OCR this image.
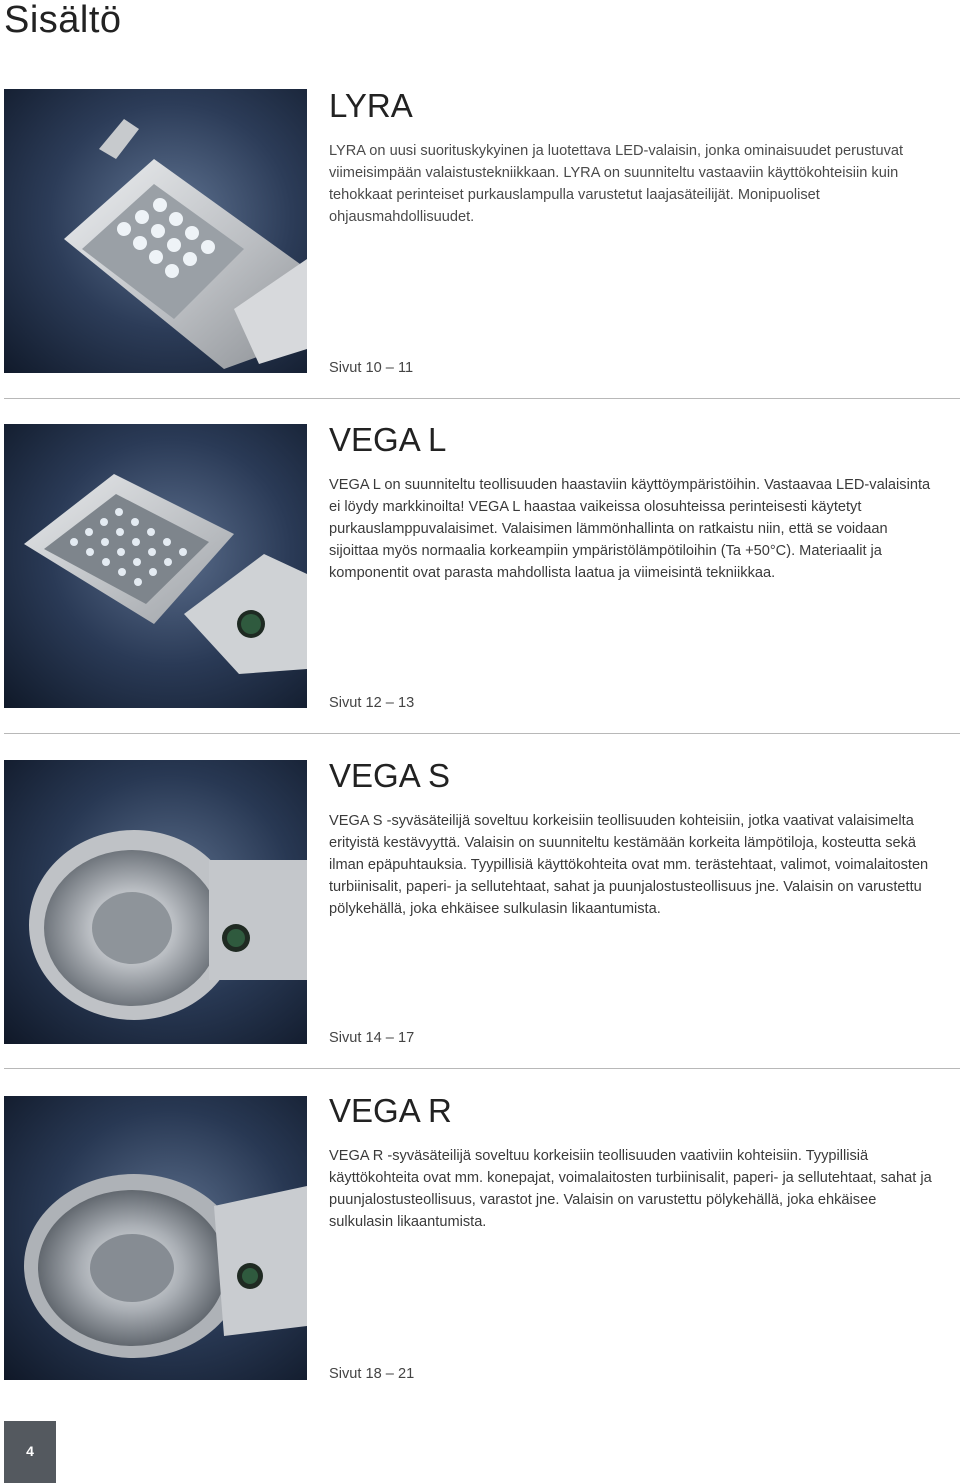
Sisältö
LYRA

LYRA on uusi suorituskykyinen ja luotettava LED-valaisin, jonka ominaisuudet perustuvat viimeisimpään valaistustekniikkaan. LYRA on suunniteltu vastaaviin käyttökohteisiin kuin tehokkaat perinteiset purkauslampulla varustetut laajasäteilijät. Monipuoliset ohjausmahdollisuudet.

Sivut 10 – 11

VEGA L

VEGA L on suunniteltu teollisuuden haastaviin käyttöympäristöihin. Vastaavaa LED-valaisinta ei löydy markkinoilta! VEGA L haastaa vaikeissa olosuhteissa perinteisesti käytetyt purkauslamppuvalaisimet. Valaisimen lämmönhallinta on ratkaistu niin, että se voidaan sijoittaa myös normaalia korkeampiin ympäristölämpötiloihin (Ta +50°C). Materiaalit ja komponentit ovat parasta mahdollista laatua ja viimeisintä tekniikkaa.

Sivut 12 – 13

VEGA S

VEGA S -syväsäteilijä soveltuu korkeisiin teollisuuden kohteisiin, jotka vaativat valaisimelta erityistä kestävyyttä. Valaisin on suunniteltu kestämään korkeita lämpötiloja, kosteutta sekä ilman epäpuhtauksia. Tyypillisiä käyttökohteita ovat mm. terästehtaat, valimot, voimalaitosten turbiinisalit, paperi- ja sellutehtaat, sahat ja puunjalostusteollisuus jne. Valaisin on varustettu pölykehällä, joka ehkäisee sulkulasin likaantumista.

Sivut 14 – 17

VEGA R

VEGA R -syväsäteilijä soveltuu korkeisiin teollisuuden vaativiin kohteisiin. Tyypillisiä käyttökohteita ovat mm. konepajat, voimalaitosten turbiinisalit, paperi- ja sellutehtaat, sahat ja puunjalostusteollisuus, varastot jne. Valaisin on varustettu pölykehällä, joka ehkäisee sulkulasin likaantumista.

Sivut 18 – 21

4
